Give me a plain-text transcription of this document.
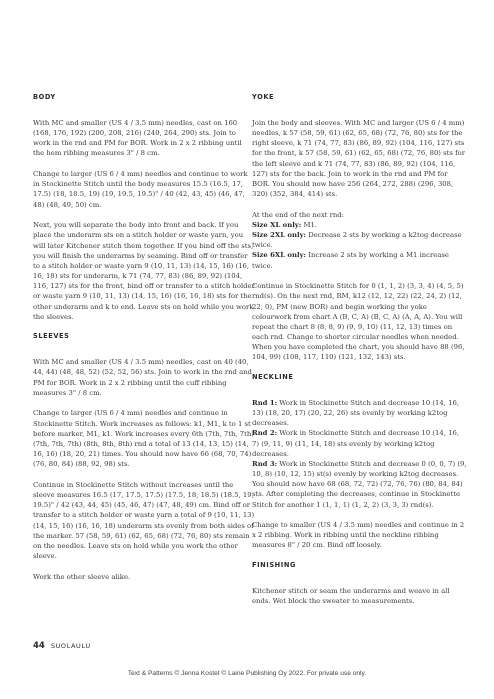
BODY

With MC and smaller (US 4 / 3.5 mm) needles, cast on 160 (168, 176, 192) (200, 208, 216) (240, 264, 290) sts. Join to work in the rnd and PM for BOR. Work in 2 x 2 ribbing until the hem ribbing measures 3" / 8 cm.

Change to larger (US 6 / 4 mm) needles and continue to work in Stockinette Stitch until the body measures 15.5 (16.5, 17, 17.5) (18, 18.5, 19) (19, 19.5, 19.5)" / 40 (42, 43, 45) (46, 47, 48) (48, 49, 50) cm.

Next, you will separate the body into front and back. If you place the underarm sts on a stitch holder or waste yarn, you will later Kitchener stitch them together. If you bind off the sts, you will finish the underarms by seaming. Bind off or transfer to a stitch holder or waste yarn 9 (10, 11, 13) (14, 15, 16) (16, 16, 18) sts for underarm, k 71 (74, 77, 83) (86, 89, 92) (104, 116, 127) sts for the front, bind off or transfer to a stitch holder or waste yarn 9 (10, 11, 13) (14, 15, 16) (16, 16, 18) sts for the other underarm and k to end. Leave sts on hold while you work the sleeves.

SLEEVES

With MC and smaller (US 4 / 3.5 mm) needles, cast on 40 (40, 44, 44) (48, 48, 52) (52, 52, 56) sts. Join to work in the rnd and PM for BOR. Work in 2 x 2 ribbing until the cuff ribbing measures 3" / 8 cm.

Change to larger (US 6 / 4 mm) needles and continue in Stockinette Stitch. Work increases as follows: k1, M1, k to 1 st before marker, M1, k1. Work increases every 6th (7th, 7th, 7th) (7th, 7th, 7th) (8th, 8th, 8th) rnd a total of 13 (14, 13, 15) (14, 16, 16) (18, 20, 21) times. You should now have 66 (68, 70, 74) (76, 80, 84) (88, 92, 98) sts.

Continue in Stockinette Stitch without increases until the sleeve measures 16.5 (17, 17.5, 17.5) (17.5, 18, 18.5) (18.5, 19, 19.5)" / 42 (43, 44, 45) (45, 46, 47) (47, 48, 49) cm. Bind off or transfer to a stitch holder or waste yarn a total of 9 (10, 11, 13) (14, 15, 16) (16, 16, 18) underarm sts evenly from both sides of the marker. 57 (58, 59, 61) (62, 65, 68) (72, 76, 80) sts remain on the needles. Leave sts on hold while you work the other sleeve.

Work the other sleeve alike.

YOKE

Join the body and sleeves. With MC and larger (US 6 / 4 mm) needles, k 57 (58, 59, 61) (62, 65, 68) (72, 76, 80) sts for the right sleeve, k 71 (74, 77, 83) (86, 89, 92) (104, 116, 127) sts for the front, k 57 (58, 59, 61) (62, 65, 68) (72, 76, 80) sts for the left sleeve and k 71 (74, 77, 83) (86, 89, 92) (104, 116, 127) sts for the back. Join to work in the rnd and PM for BOR. You should now have 256 (264, 272, 288) (296, 308, 320) (352, 384, 414) sts.

At the end of the next rnd:
Size XL only: M1.
Size 2XL only: Decrease 2 sts by working a k2tog decrease twice.
Size 6XL only: Increase 2 sts by working a M1 increase twice.

Continue in Stockinette Stitch for 0 (1, 1, 2) (3, 3, 4) (4, 5, 5) rnd(s). On the next rnd, RM, k12 (12, 12, 22) (22, 24, 2) (12, 22, 0), PM (new BOR) and begin working the yoke colourwork from chart A (B, C, A) (B, C, A) (A, A, A). You will repeat the chart 8 (8, 8, 9) (9, 9, 10) (11, 12, 13) times on each rnd. Change to shorter circular needles when needed. When you have completed the chart, you should have 88 (96, 104, 99) (108, 117, 110) (121, 132, 143) sts.

NECKLINE

Rnd 1: Work in Stockinette Stitch and decrease 10 (14, 16, 13) (18, 20, 17) (20, 22, 26) sts evenly by working k2tog decreases.
Rnd 2: Work in Stockinette Stitch and decrease 10 (14, 16, 7) (9, 11, 9) (11, 14, 18) sts evenly by working k2tog decreases.
Rnd 3: Work in Stockinette Stitch and decrease 0 (0, 0, 7) (9, 10, 8) (10, 12, 15) st(s) evenly by working k2tog decreases.
You should now have 68 (68, 72, 72) (72, 76, 76) (80, 84, 84) sts. After completing the decreases, continue in Stockinette Stitch for another 1 (1, 1, 1) (1, 2, 2) (3, 3, 3) rnd(s).

Change to smaller (US 4 / 3.5 mm) needles and continue in 2 x 2 ribbing. Work in ribbing until the neckline ribbing measures 8" / 20 cm. Bind off loosely.

FINISHING

Kitchener stitch or seam the underarms and weave in all ends. Wet block the sweater to measurements.

44 SUOLAULU
Text & Patterns © Jenna Kostet © Laine Publishing Oy 2022. For private use only.
